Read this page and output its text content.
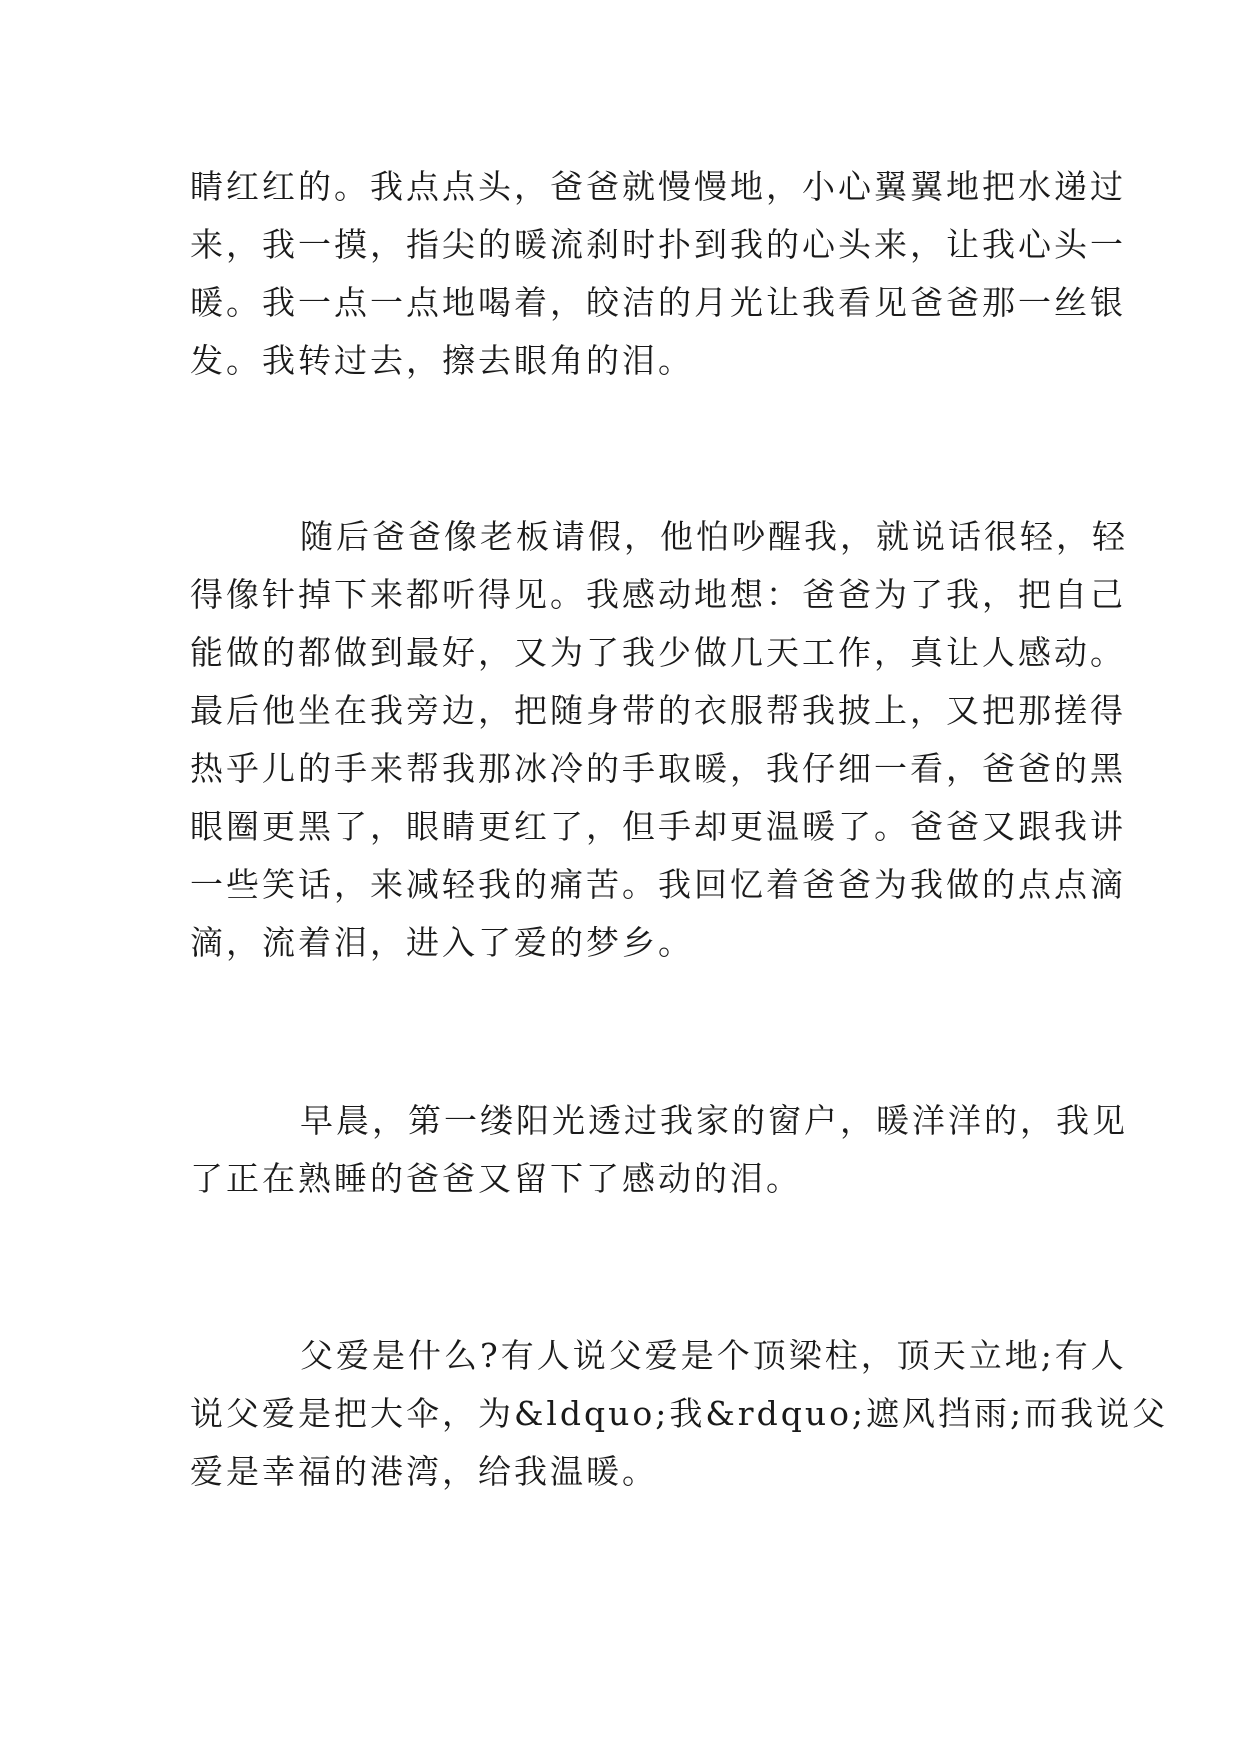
睛红红的。我点点头，爸爸就慢慢地，小心翼翼地把水递过
来，我一摸，指尖的暖流刹时扑到我的心头来，让我心头一
暖。我一点一点地喝着，皎洁的月光让我看见爸爸那一丝银
发。我转过去，擦去眼角的泪。
随后爸爸像老板请假，他怕吵醒我，就说话很轻，轻
得像针掉下来都听得见。我感动地想：爸爸为了我，把自己
能做的都做到最好，又为了我少做几天工作，真让人感动。
最后他坐在我旁边，把随身带的衣服帮我披上，又把那搓得
热乎儿的手来帮我那冰冷的手取暖，我仔细一看，爸爸的黑
眼圈更黑了，眼睛更红了，但手却更温暖了。爸爸又跟我讲
一些笑话，来减轻我的痛苦。我回忆着爸爸为我做的点点滴
滴，流着泪，进入了爱的梦乡。
早晨，第一缕阳光透过我家的窗户，暖洋洋的，我见
了正在熟睡的爸爸又留下了感动的泪。
父爱是什么?有人说父爱是个顶梁柱，顶天立地;有人
说父爱是把大伞，为&ldquo;我&rdquo;遮风挡雨;而我说父
爱是幸福的港湾，给我温暖。
